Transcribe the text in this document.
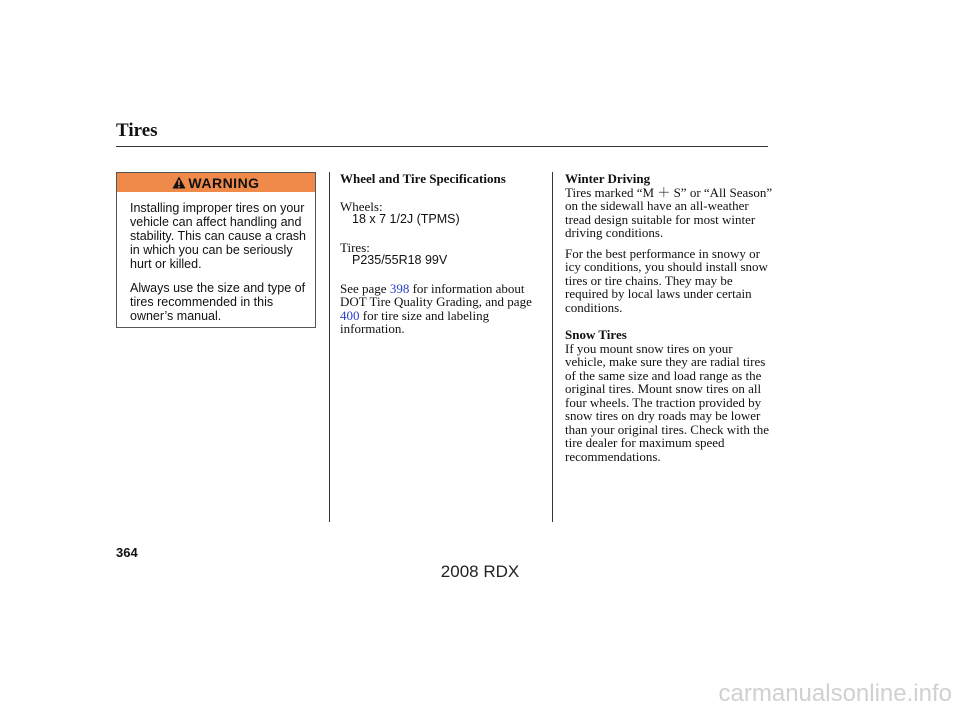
Tires
WARNING

Installing improper tires on your vehicle can affect handling and stability. This can cause a crash in which you can be seriously hurt or killed.

Always use the size and type of tires recommended in this owner’s manual.

Wheel and Tire Specifications
Wheels:
18 x 7 1/2J (TPMS)
Tires:
P235/55R18 99V
See page 398 for information about DOT Tire Quality Grading, and page 400 for tire size and labeling information.
Winter Driving
Tires marked “M ＋ S” or “All Season” on the sidewall have an all-weather tread design suitable for most winter driving conditions.
For the best performance in snowy or icy conditions, you should install snow tires or tire chains. They may be required by local laws under certain conditions.
Snow Tires
If you mount snow tires on your vehicle, make sure they are radial tires of the same size and load range as the original tires. Mount snow tires on all four wheels. The traction provided by snow tires on dry roads may be lower than your original tires. Check with the tire dealer for maximum speed recommendations.
364
2008 RDX
carmanualsonline.info
